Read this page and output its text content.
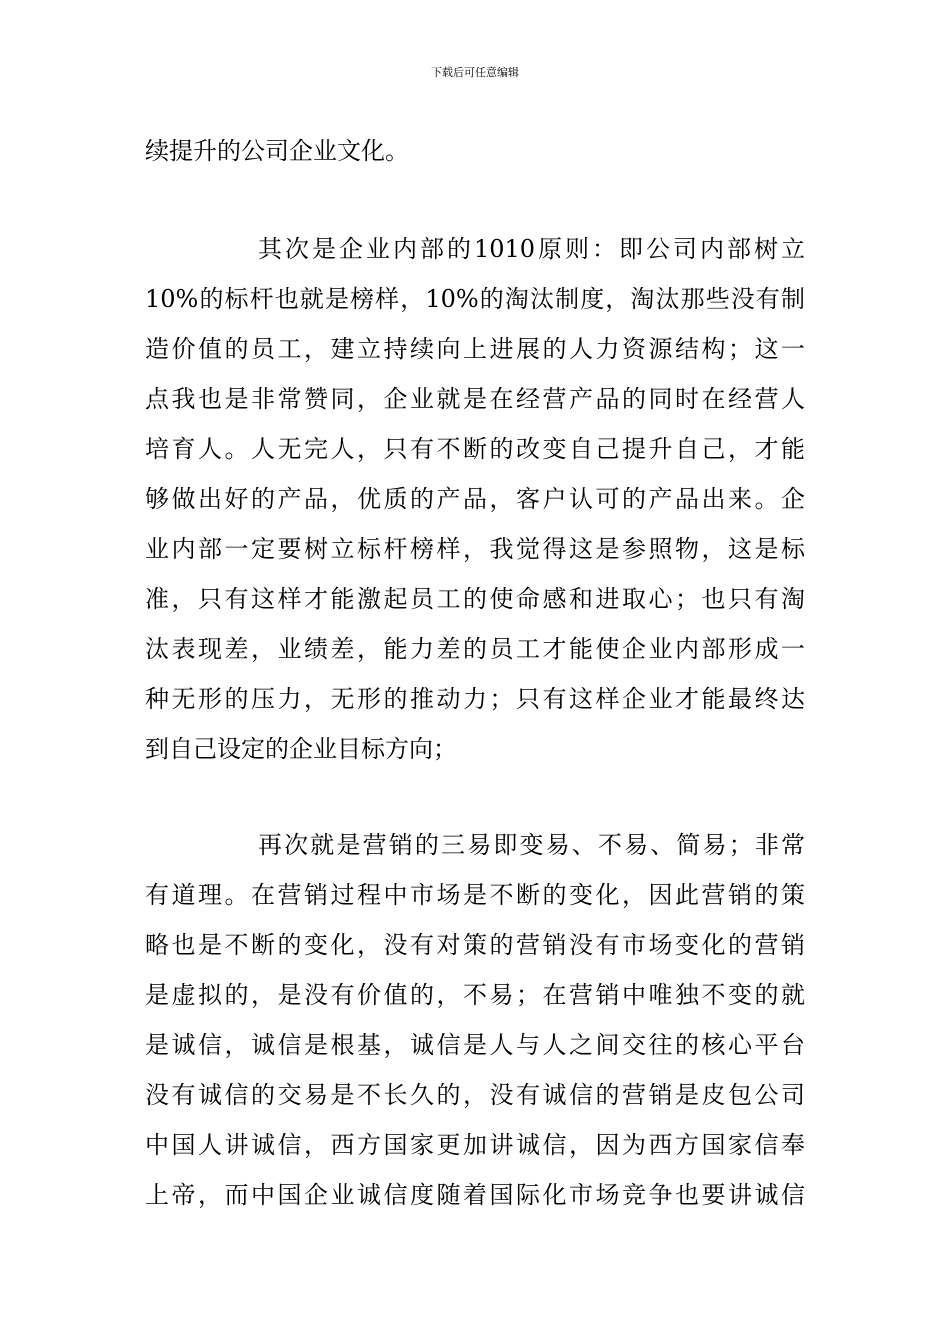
下载后可任意编辑
续提升的公司企业文化。
其次是企业内部的1010原则：即公司内部树立
10%的标杆也就是榜样，10%的淘汰制度，淘汰那些没有制
造价值的员工，建立持续向上进展的人力资源结构；这一
点我也是非常赞同，企业就是在经营产品的同时在经营人
培育人。人无完人，只有不断的改变自己提升自己，才能
够做出好的产品，优质的产品，客户认可的产品出来。企
业内部一定要树立标杆榜样，我觉得这是参照物，这是标
准，只有这样才能激起员工的使命感和进取心；也只有淘
汰表现差，业绩差，能力差的员工才能使企业内部形成一
种无形的压力，无形的推动力；只有这样企业才能最终达
到自己设定的企业目标方向；
再次就是营销的三易即变易、不易、简易；非常
有道理。在营销过程中市场是不断的变化，因此营销的策
略也是不断的变化，没有对策的营销没有市场变化的营销
是虚拟的，是没有价值的，不易；在营销中唯独不变的就
是诚信，诚信是根基，诚信是人与人之间交往的核心平台
没有诚信的交易是不长久的，没有诚信的营销是皮包公司
中国人讲诚信，西方国家更加讲诚信，因为西方国家信奉
上帝，而中国企业诚信度随着国际化市场竞争也要讲诚信
